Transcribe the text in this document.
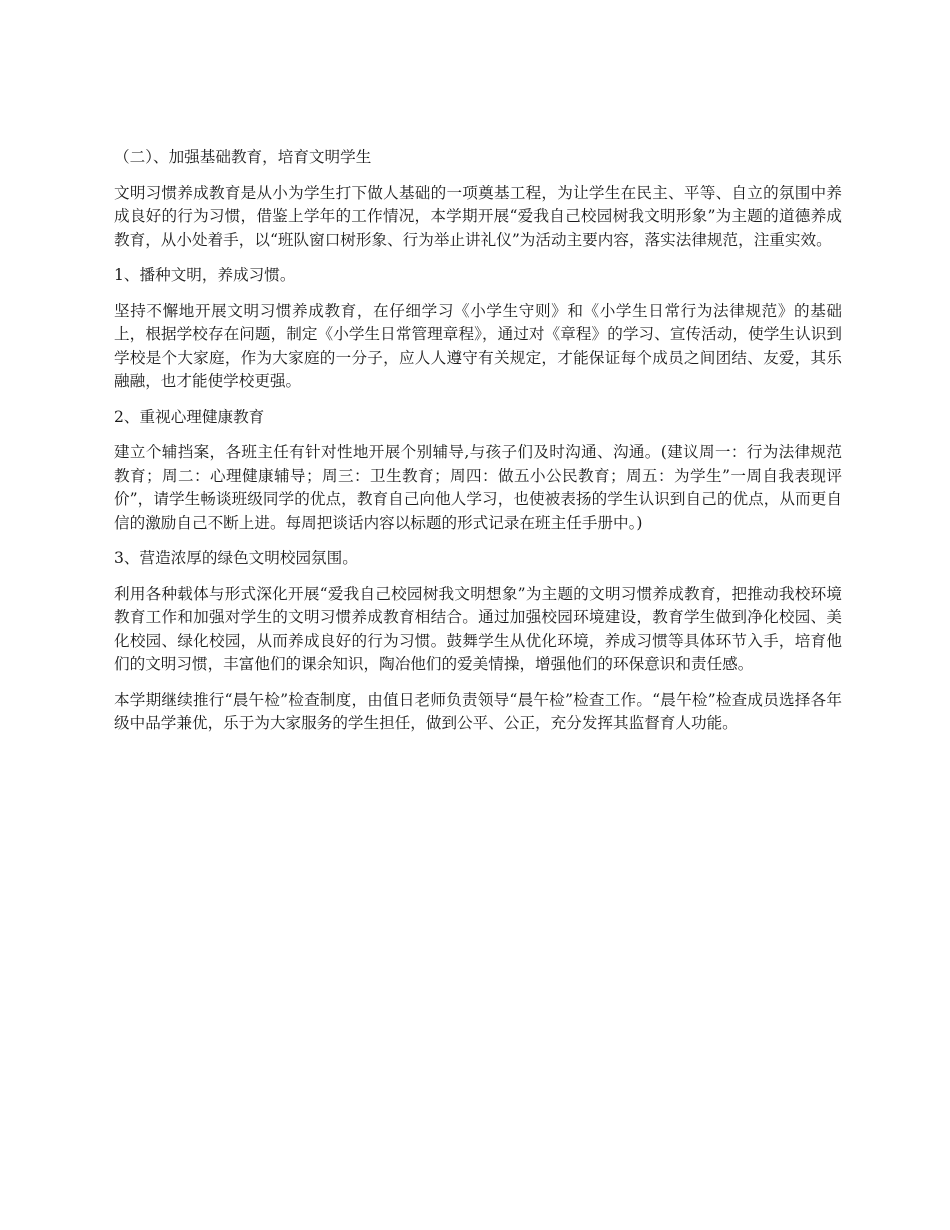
（二）、加强基础教育，培育文明学生

文明习惯养成教育是从小为学生打下做人基础的一项奠基工程，为让学生在民主、平等、自立的氛围中养成良好的行为习惯，借鉴上学年的工作情况，本学期开展“爱我自己校园树我文明形象”为主题的道德养成教育，从小处着手，以“班队窗口树形象、行为举止讲礼仪”为活动主要内容，落实法律规范，注重实效。

1、播种文明，养成习惯。

坚持不懈地开展文明习惯养成教育，在仔细学习《小学生守则》和《小学生日常行为法律规范》的基础上，根据学校存在问题，制定《小学生日常管理章程》，通过对《章程》的学习、宣传活动，使学生认识到学校是个大家庭，作为大家庭的一分子，应人人遵守有关规定，才能保证每个成员之间团结、友爱，其乐融融，也才能使学校更强。

2、重视心理健康教育

建立个辅挡案，各班主任有针对性地开展个别辅导,与孩子们及时沟通、沟通。(建议周一：行为法律规范教育；周二：心理健康辅导；周三：卫生教育；周四：做五小公民教育；周五：为学生”一周自我表现评价”，请学生畅谈班级同学的优点，教育自己向他人学习，也使被表扬的学生认识到自己的优点，从而更自信的激励自己不断上进。每周把谈话内容以标题的形式记录在班主任手册中。)

3、营造浓厚的绿色文明校园氛围。

利用各种载体与形式深化开展“爱我自己校园树我文明想象”为主题的文明习惯养成教育，把推动我校环境教育工作和加强对学生的文明习惯养成教育相结合。通过加强校园环境建设，教育学生做到净化校园、美化校园、绿化校园，从而养成良好的行为习惯。鼓舞学生从优化环境，养成习惯等具体环节入手，培育他们的文明习惯，丰富他们的课余知识，陶冶他们的爱美情操，增强他们的环保意识和责任感。

本学期继续推行“晨午检”检查制度，由值日老师负责领导“晨午检”检查工作。“晨午检”检查成员选择各年级中品学兼优，乐于为大家服务的学生担任，做到公平、公正，充分发挥其监督育人功能。
